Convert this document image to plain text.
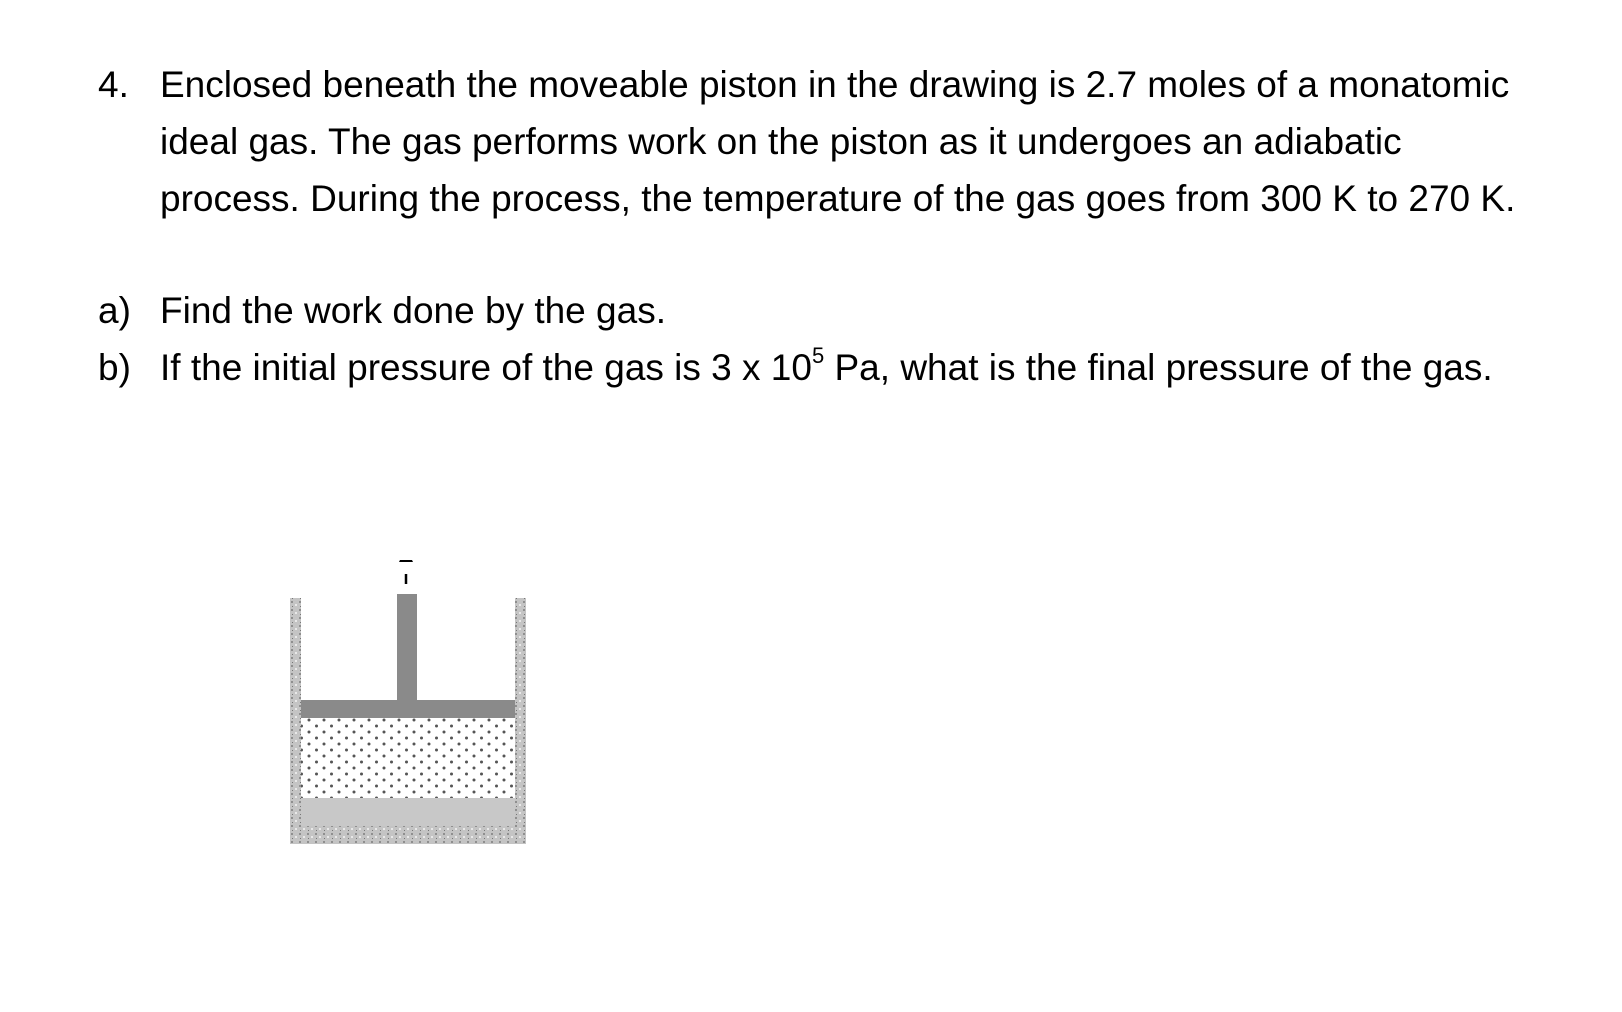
4. Enclosed beneath the moveable piston in the drawing is 2.7 moles of a monatomic ideal gas. The gas performs work on the piston as it undergoes an adiabatic process. During the process, the temperature of the gas goes from 300 K to 270 K.
a) Find the work done by the gas.
b) If the initial pressure of the gas is 3 x $10^5$ Pa, what is the final pressure of the gas.
